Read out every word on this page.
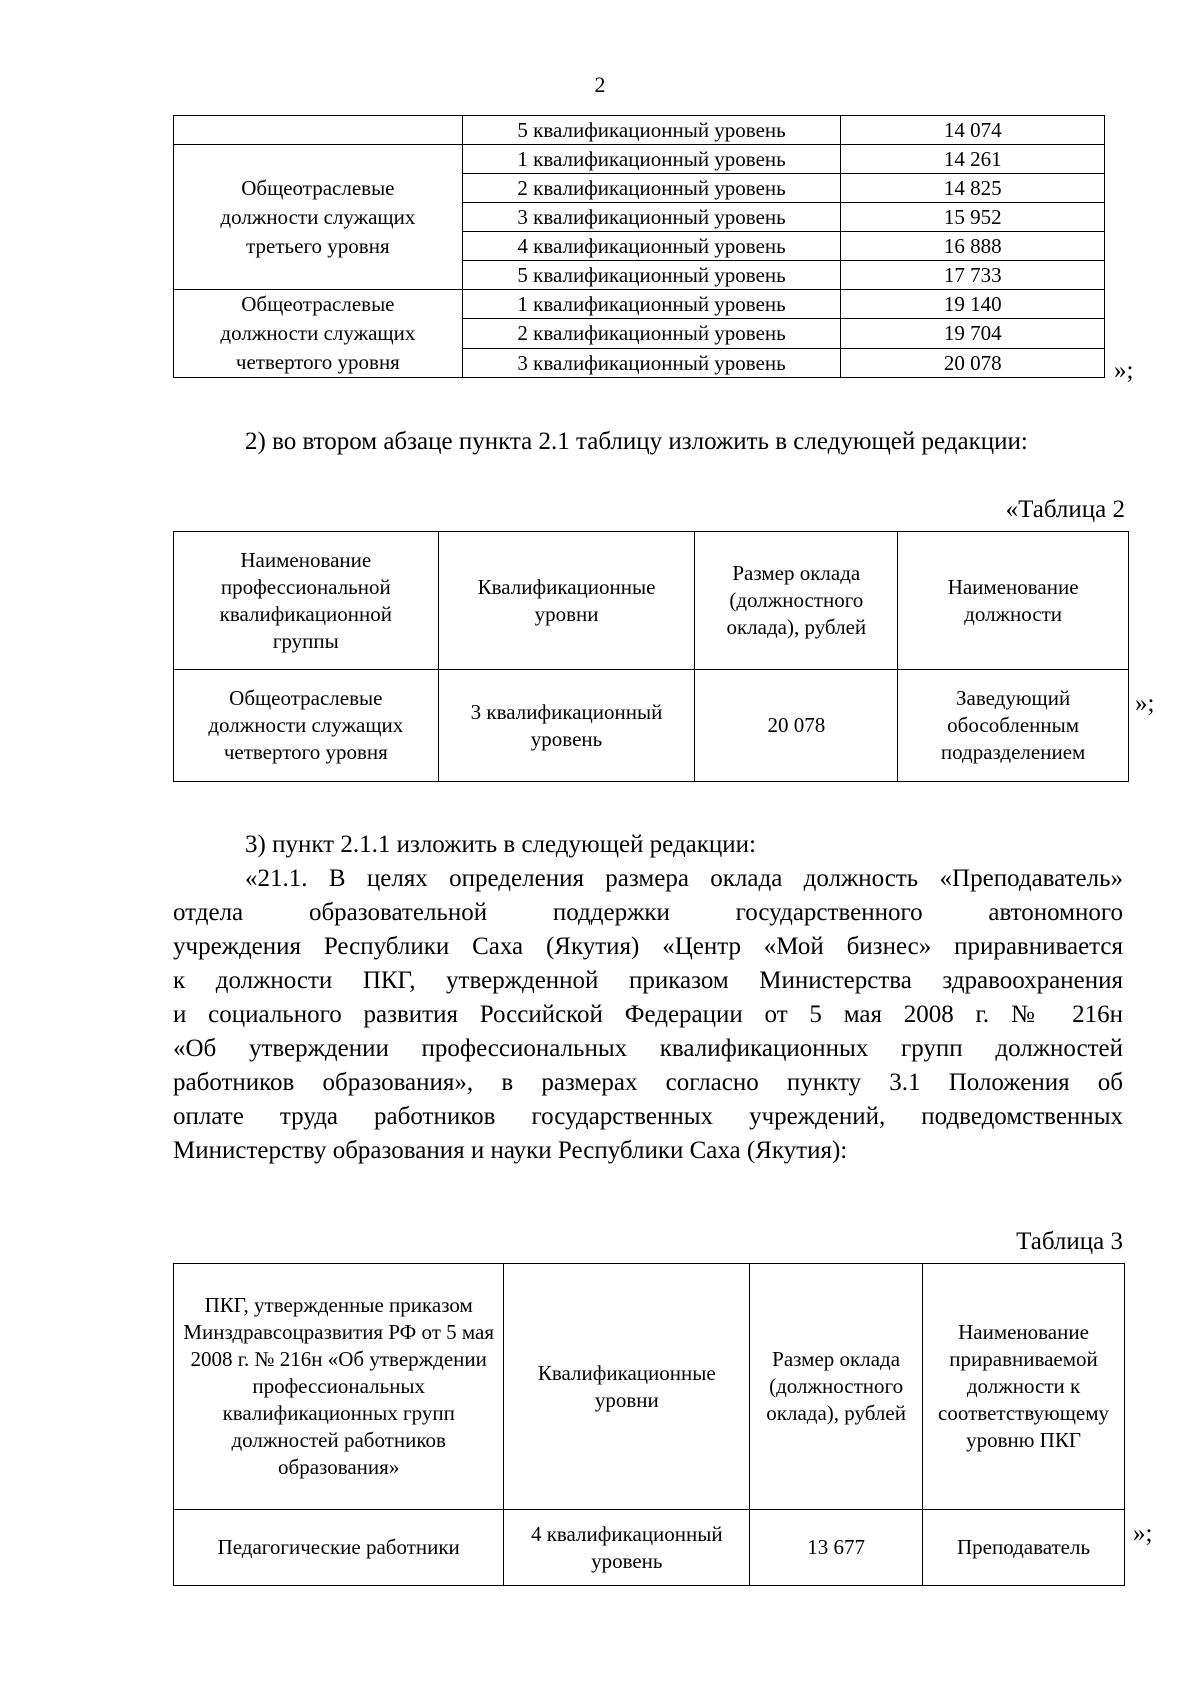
2
	5 квалификационный уровень	14 074

Общеотраслевые
должности служащих
третьего уровня	1 квалификационный уровень	14 261
	2 квалификационный уровень	14 825
	3 квалификационный уровень	15 952
	4 квалификационный уровень	16 888
	5 квалификационный уровень	17 733

Общеотраслевые
должности служащих
четвертого уровня	1 квалификационный уровень	19 140
	2 квалификационный уровень	19 704
	3 квалификационный уровень	20 078	»;
2) во втором абзаце пункта 2.1 таблицу изложить в следующей редакции:
«Таблица 2
Наименование профессиональной квалификационной группы	Квалификационные уровни	Размер оклада (должностного оклада), рублей	Наименование должности
Общеотраслевые должности служащих четвертого уровня	3 квалификационный уровень	20 078	Заведующий обособленным подразделением
»;
3) пункт 2.1.1 изложить в следующей редакции:
«21.1. В целях определения размера оклада должность «Преподаватель»
отдела образовательной поддержки государственного автономного
учреждения Республики Саха (Якутия) «Центр «Мой бизнес» приравнивается
к должности ПКГ, утвержденной приказом Министерства здравоохранения
и социального развития Российской Федерации от 5 мая 2008 г. № 216н
«Об утверждении профессиональных квалификационных групп должностей
работников образования», в размерах согласно пункту 3.1 Положения об
оплате труда работников государственных учреждений, подведомственных
Министерству образования и науки Республики Саха (Якутия):
Таблица 3
ПКГ, утвержденные приказом Минздравсоцразвития РФ от 5 мая 2008 г. № 216н «Об утверждении профессиональных квалификационных групп должностей работников образования»	Квалификационные уровни	Размер оклада (должностного оклада), рублей	Наименование приравниваемой должности к соответствующему уровню ПКГ
Педагогические работники	4 квалификационный уровень	13 677	Преподаватель »;
